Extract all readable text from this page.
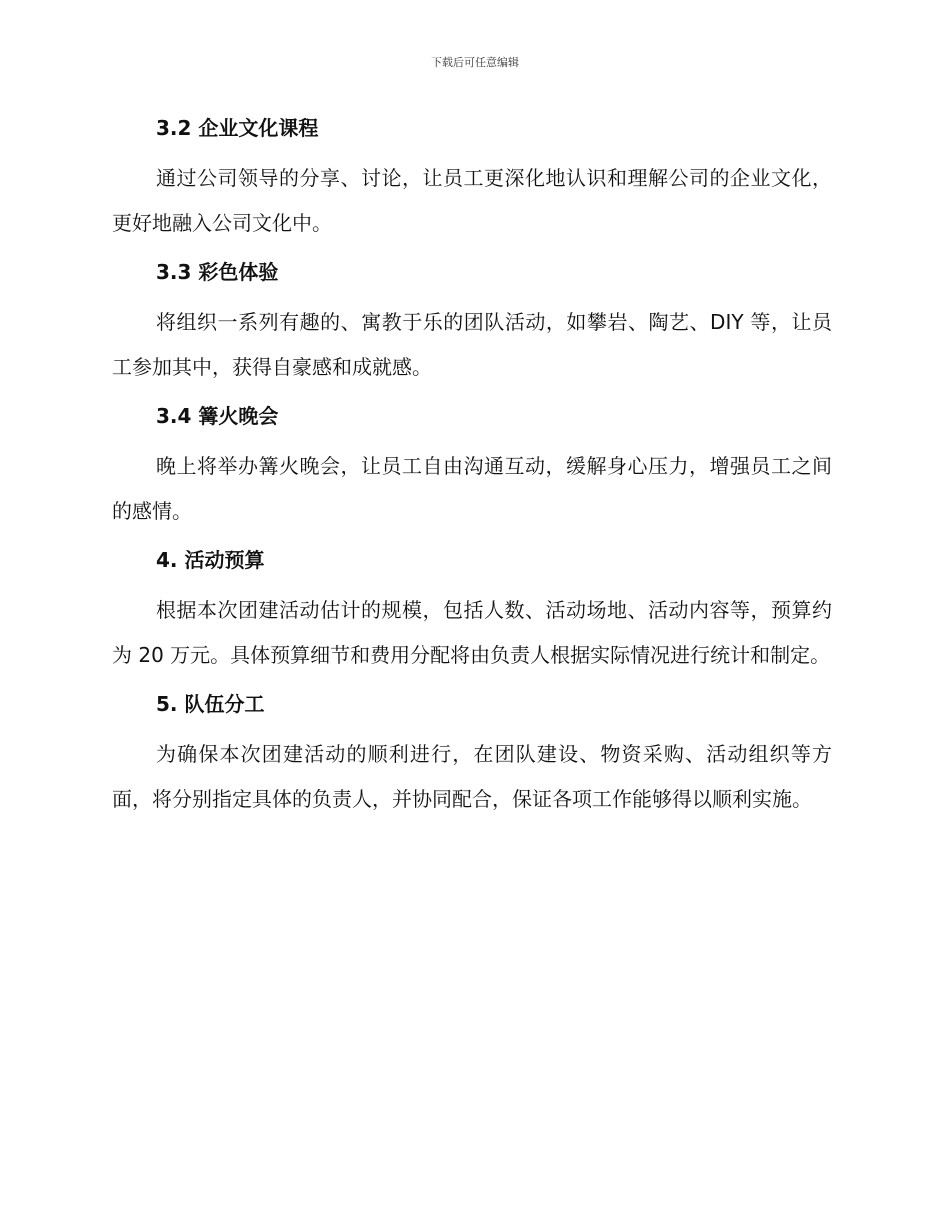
下载后可任意编辑
3.2 企业文化课程

通过公司领导的分享、讨论，让员工更深化地认识和理解公司的企业文化，更好地融入公司文化中。

3.3 彩色体验

将组织一系列有趣的、寓教于乐的团队活动，如攀岩、陶艺、DIY 等，让员工参加其中，获得自豪感和成就感。

3.4 篝火晚会

晚上将举办篝火晚会，让员工自由沟通互动，缓解身心压力，增强员工之间的感情。

4. 活动预算

根据本次团建活动估计的规模，包括人数、活动场地、活动内容等，预算约为 20 万元。具体预算细节和费用分配将由负责人根据实际情况进行统计和制定。

5. 队伍分工

为确保本次团建活动的顺利进行，在团队建设、物资采购、活动组织等方面，将分别指定具体的负责人，并协同配合，保证各项工作能够得以顺利实施。
